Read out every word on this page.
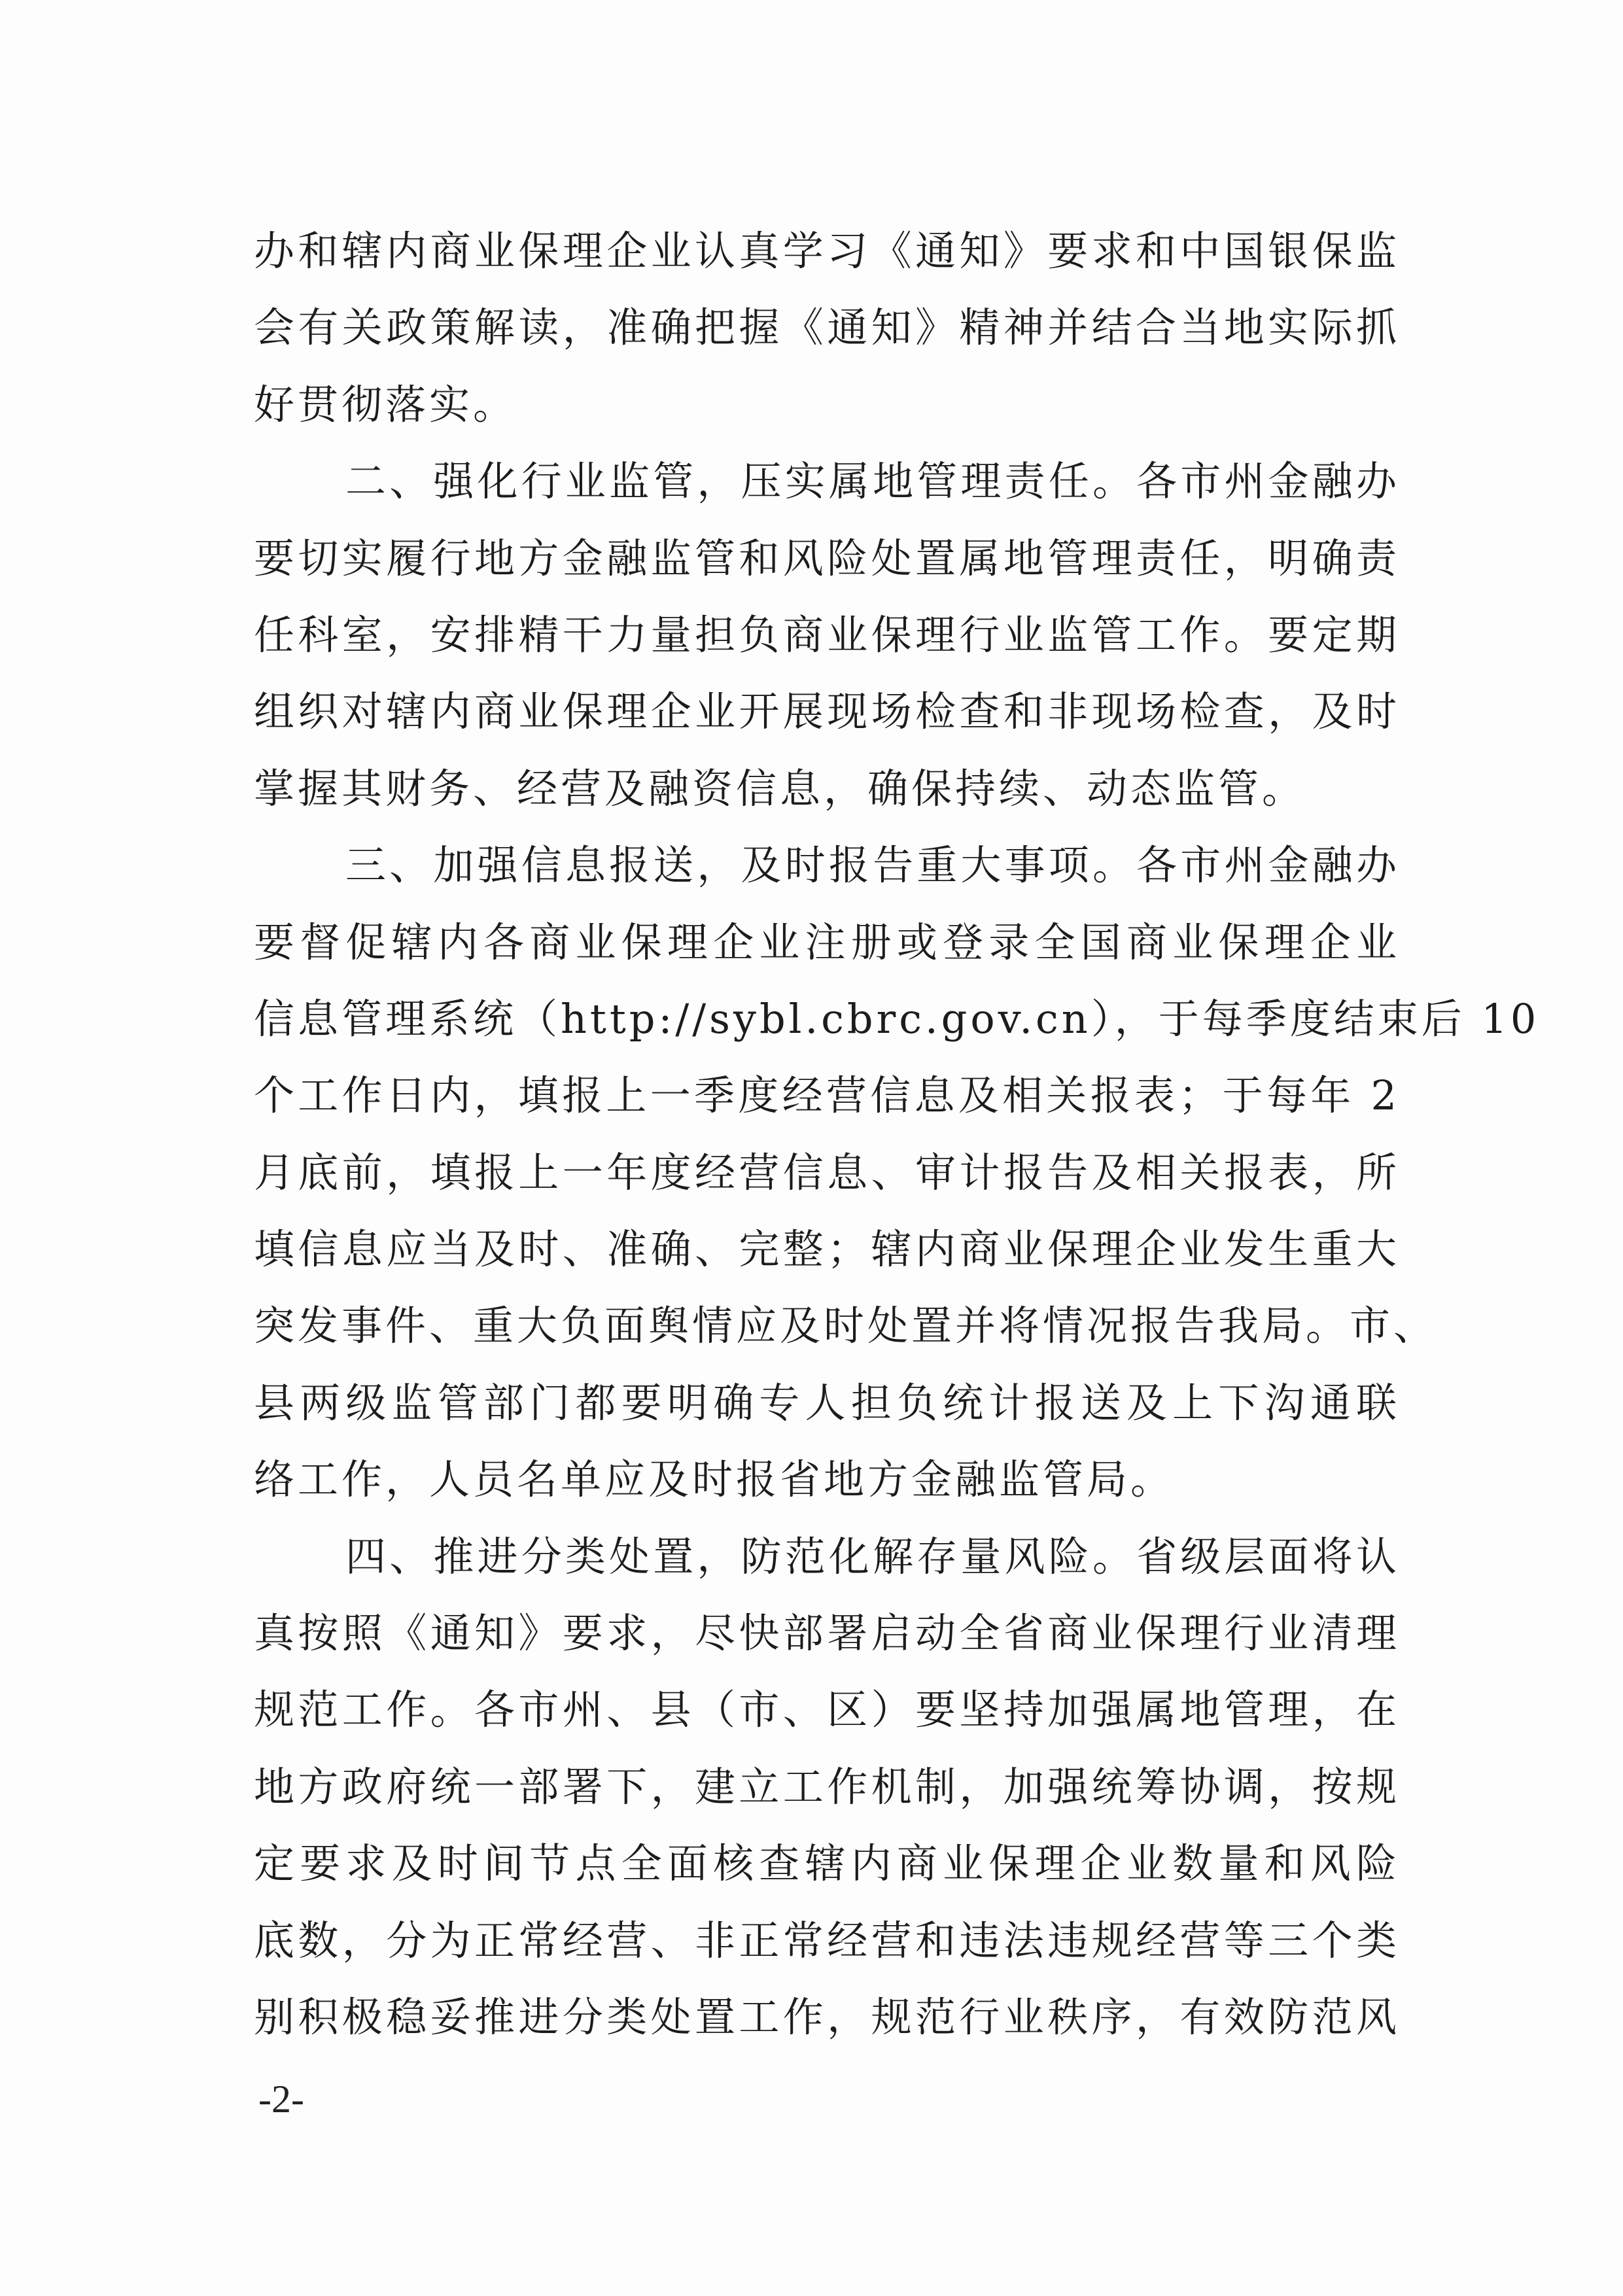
办和辖内商业保理企业认真学习《通知》要求和中国银保监
会有关政策解读，准确把握《通知》精神并结合当地实际抓
好贯彻落实。
二、强化行业监管，压实属地管理责任。各市州金融办
要切实履行地方金融监管和风险处置属地管理责任，明确责
任科室，安排精干力量担负商业保理行业监管工作。要定期
组织对辖内商业保理企业开展现场检查和非现场检查，及时
掌握其财务、经营及融资信息，确保持续、动态监管。
三、加强信息报送，及时报告重大事项。各市州金融办
要督促辖内各商业保理企业注册或登录全国商业保理企业
信息管理系统（http://sybl.cbrc.gov.cn），于每季度结束后 10
个工作日内，填报上一季度经营信息及相关报表；于每年 2
月底前，填报上一年度经营信息、审计报告及相关报表，所
填信息应当及时、准确、完整；辖内商业保理企业发生重大
突发事件、重大负面舆情应及时处置并将情况报告我局。市、
县两级监管部门都要明确专人担负统计报送及上下沟通联
络工作，人员名单应及时报省地方金融监管局。
四、推进分类处置，防范化解存量风险。省级层面将认
真按照《通知》要求，尽快部署启动全省商业保理行业清理
规范工作。各市州、县（市、区）要坚持加强属地管理，在
地方政府统一部署下，建立工作机制，加强统筹协调，按规
定要求及时间节点全面核查辖内商业保理企业数量和风险
底数，分为正常经营、非正常经营和违法违规经营等三个类
别积极稳妥推进分类处置工作，规范行业秩序，有效防范风
-2-
